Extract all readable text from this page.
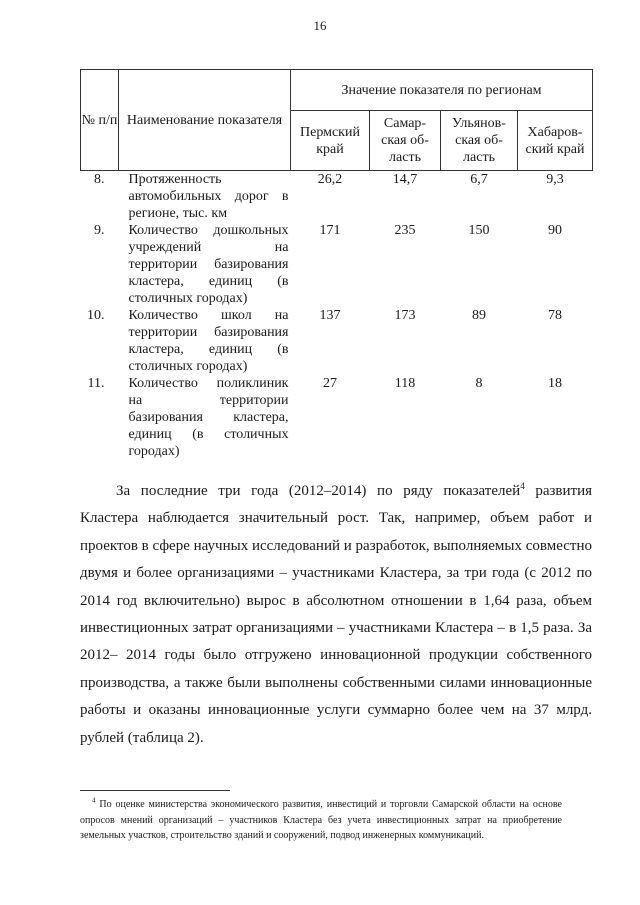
16
№ п/п	Наименование показателя	Значение показателя по регионам			
		Пермский край	Самар-ская об-ласть	Ульянов-ская об-ласть	Хабаров-ский край
8.	Протяженность автомобильных дорог в регионе, тыс. км	26,2	14,7	6,7	9,3
9.	Количество дошкольных учреждений на территории базирования кластера, единиц (в столичных городах)	171	235	150	90
10.	Количество школ на территории базирования кластера, единиц (в столичных городах)	137	173	89	78
11.	Количество поликлиник на территории базирования кластера, единиц (в столичных городах)	27	118	8	18

За последние три года (2012–2014) по ряду показателей$^4$ развития Кластера наблюдается значительный рост. Так, например, объем работ и проектов в сфере научных исследований и разработок, выполняемых совместно двумя и более организациями – участниками Кластера, за три года (с 2012 по 2014 год включительно) вырос в абсолютном отношении в 1,64 раза, объем инвестиционных затрат организациями – участниками Кластера – в 1,5 раза. За 2012– 2014 годы было отгружено инновационной продукции собственного производства, а также были выполнены собственными силами инновационные работы и оказаны инновационные услуги суммарно более чем на 37 млрд. рублей (таблица 2).

$^4$ По оценке министерства экономического развития, инвестиций и торговли Самарской области на основе опросов мнений организаций – участников Кластера без учета инвестиционных затрат на приобретение земельных участков, строительство зданий и сооружений, подвод инженерных коммуникаций.
